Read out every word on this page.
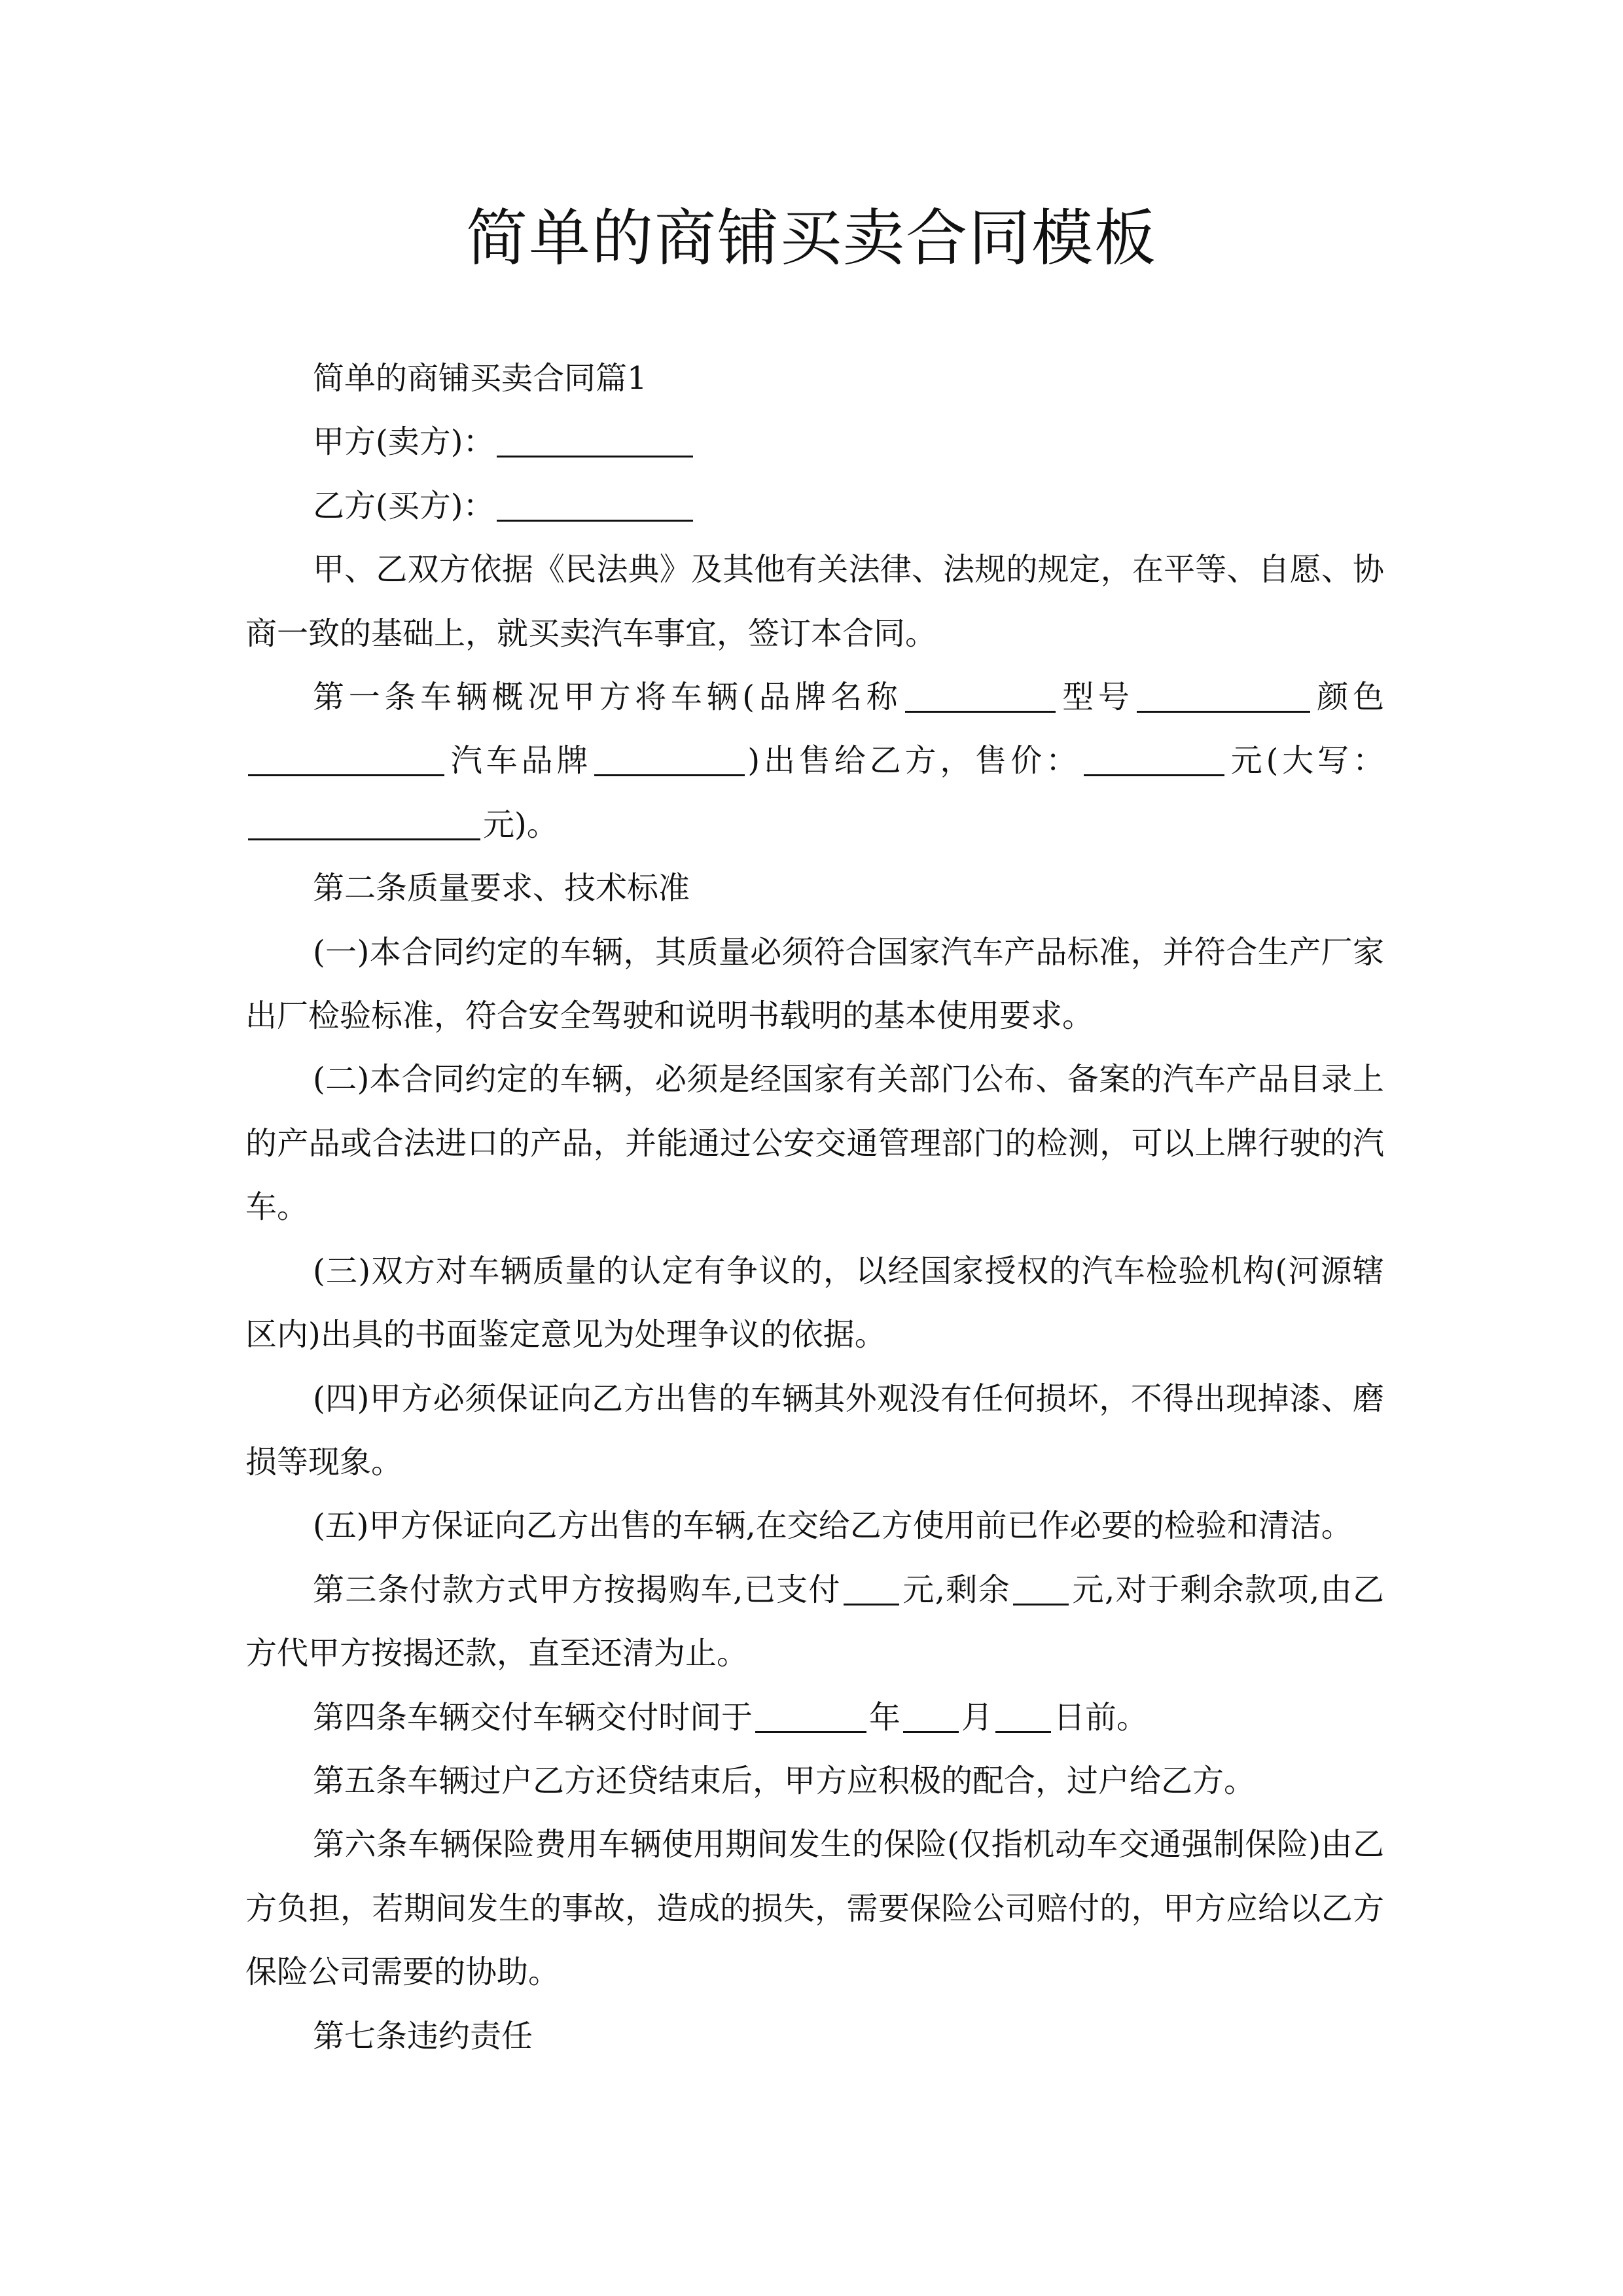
简单的商铺买卖合同模板

简单的商铺买卖合同篇1

甲方(卖方)：

乙方(买方)：

甲、乙双方依据《民法典》及其他有关法律、法规的规定，在平等、自愿、协商一致的基础上，就买卖汽车事宜，签订本合同。

第一条车辆概况甲方将车辆(品牌名称	型号	颜色汽车品牌	)出售给乙方，售价：	元(大写：元)。

第二条质量要求、技术标准

(一)本合同约定的车辆，其质量必须符合国家汽车产品标准，并符合生产厂家出厂检验标准，符合安全驾驶和说明书载明的基本使用要求。

(二)本合同约定的车辆，必须是经国家有关部门公布、备案的汽车产品目录上的产品或合法进口的产品，并能通过公安交通管理部门的检测，可以上牌行驶的汽车。

(三)双方对车辆质量的认定有争议的，以经国家授权的汽车检验机构(河源辖区内)出具的书面鉴定意见为处理争议的依据。

(四)甲方必须保证向乙方出售的车辆其外观没有任何损坏，不得出现掉漆、磨损等现象。

(五)甲方保证向乙方出售的车辆,在交给乙方使用前已作必要的检验和清洁。

第三条付款方式甲方按揭购车,已支付 元,剩余 元,对于剩余款项,由乙方代甲方按揭还款，直至还清为止。

第四条车辆交付车辆交付时间于	年 月 日前。

第五条车辆过户乙方还贷结束后，甲方应积极的配合，过户给乙方。

第六条车辆保险费用车辆使用期间发生的保险(仅指机动车交通强制保险)由乙方负担，若期间发生的事故，造成的损失，需要保险公司赔付的，甲方应给以乙方保险公司需要的协助。

第七条违约责任
